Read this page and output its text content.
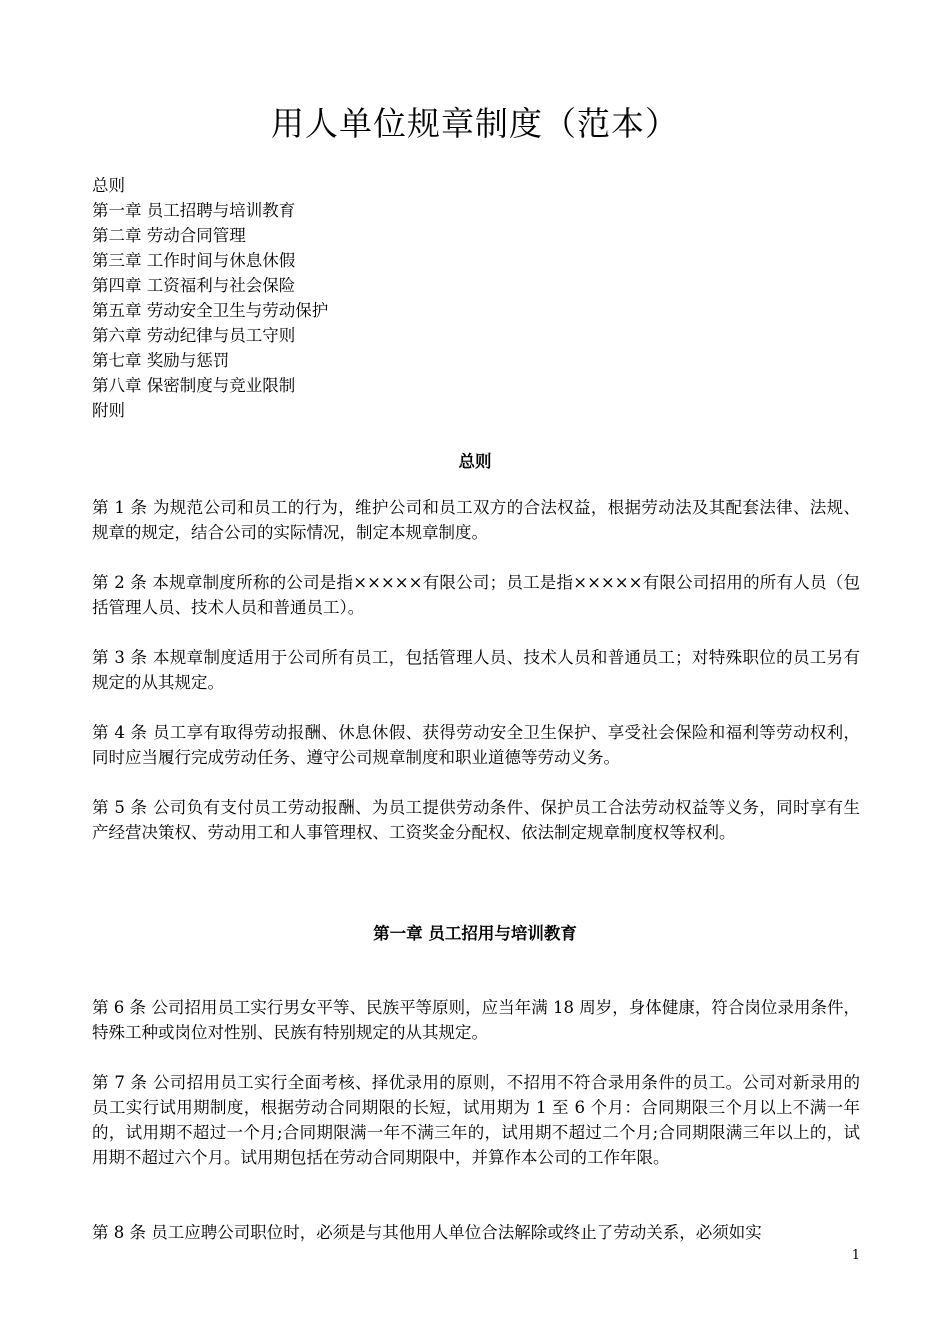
用人单位规章制度（范本）
总则
第一章 员工招聘与培训教育
第二章 劳动合同管理
第三章 工作时间与休息休假
第四章 工资福利与社会保险
第五章 劳动安全卫生与劳动保护
第六章 劳动纪律与员工守则
第七章 奖励与惩罚
第八章 保密制度与竞业限制
附则
总则

第 1 条 为规范公司和员工的行为，维护公司和员工双方的合法权益，根据劳动法及其配套法律、法规、规章的规定，结合公司的实际情况，制定本规章制度。

第 2 条 本规章制度所称的公司是指×××××有限公司；员工是指×××××有限公司招用的所有人员（包括管理人员、技术人员和普通员工）。

第 3 条 本规章制度适用于公司所有员工，包括管理人员、技术人员和普通员工；对特殊职位的员工另有规定的从其规定。

第 4 条 员工享有取得劳动报酬、休息休假、获得劳动安全卫生保护、享受社会保险和福利等劳动权利，同时应当履行完成劳动任务、遵守公司规章制度和职业道德等劳动义务。

第 5 条 公司负有支付员工劳动报酬、为员工提供劳动条件、保护员工合法劳动权益等义务，同时享有生产经营决策权、劳动用工和人事管理权、工资奖金分配权、依法制定规章制度权等权利。

第一章 员工招用与培训教育

第 6 条 公司招用员工实行男女平等、民族平等原则，应当年满 18 周岁，身体健康，符合岗位录用条件，特殊工种或岗位对性别、民族有特别规定的从其规定。

第 7 条 公司招用员工实行全面考核、择优录用的原则，不招用不符合录用条件的员工。公司对新录用的员工实行试用期制度，根据劳动合同期限的长短，试用期为 1 至 6 个月：合同期限三个月以上不满一年的，试用期不超过一个月;合同期限满一年不满三年的，试用期不超过二个月;合同期限满三年以上的，试用期不超过六个月。试用期包括在劳动合同期限中，并算作本公司的工作年限。

第 8 条 员工应聘公司职位时，必须是与其他用人单位合法解除或终止了劳动关系，必须如实

1
